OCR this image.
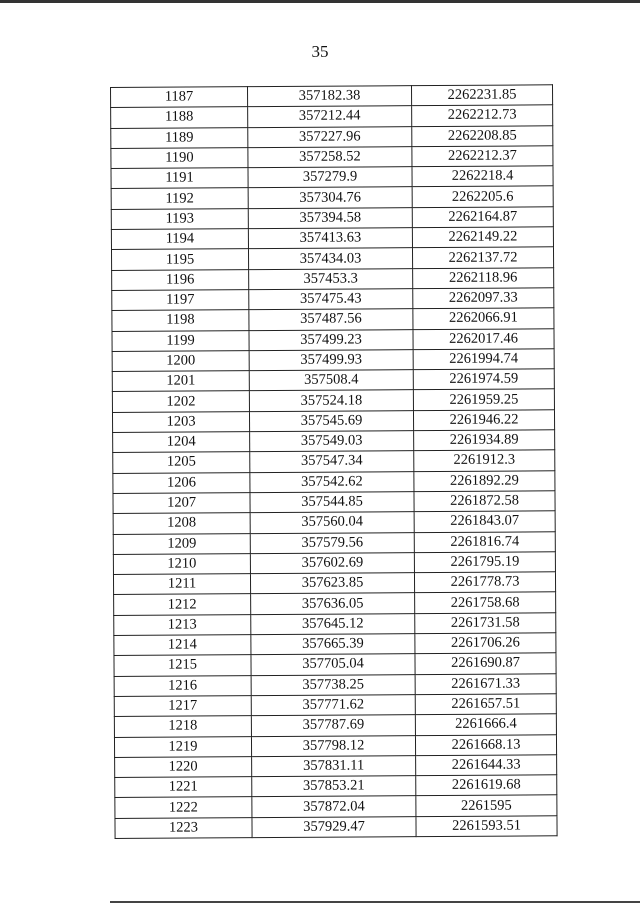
35
1187	357182.38	2262231.85
1188	357212.44	2262212.73
1189	357227.96	2262208.85
1190	357258.52	2262212.37
1191	357279.9	2262218.4
1192	357304.76	2262205.6
1193	357394.58	2262164.87
1194	357413.63	2262149.22
1195	357434.03	2262137.72
1196	357453.3	2262118.96
1197	357475.43	2262097.33
1198	357487.56	2262066.91
1199	357499.23	2262017.46
1200	357499.93	2261994.74
1201	357508.4	2261974.59
1202	357524.18	2261959.25
1203	357545.69	2261946.22
1204	357549.03	2261934.89
1205	357547.34	2261912.3
1206	357542.62	2261892.29
1207	357544.85	2261872.58
1208	357560.04	2261843.07
1209	357579.56	2261816.74
1210	357602.69	2261795.19
1211	357623.85	2261778.73
1212	357636.05	2261758.68
1213	357645.12	2261731.58
1214	357665.39	2261706.26
1215	357705.04	2261690.87
1216	357738.25	2261671.33
1217	357771.62	2261657.51
1218	357787.69	2261666.4
1219	357798.12	2261668.13
1220	357831.11	2261644.33
1221	357853.21	2261619.68
1222	357872.04	2261595
1223	357929.47	2261593.51
